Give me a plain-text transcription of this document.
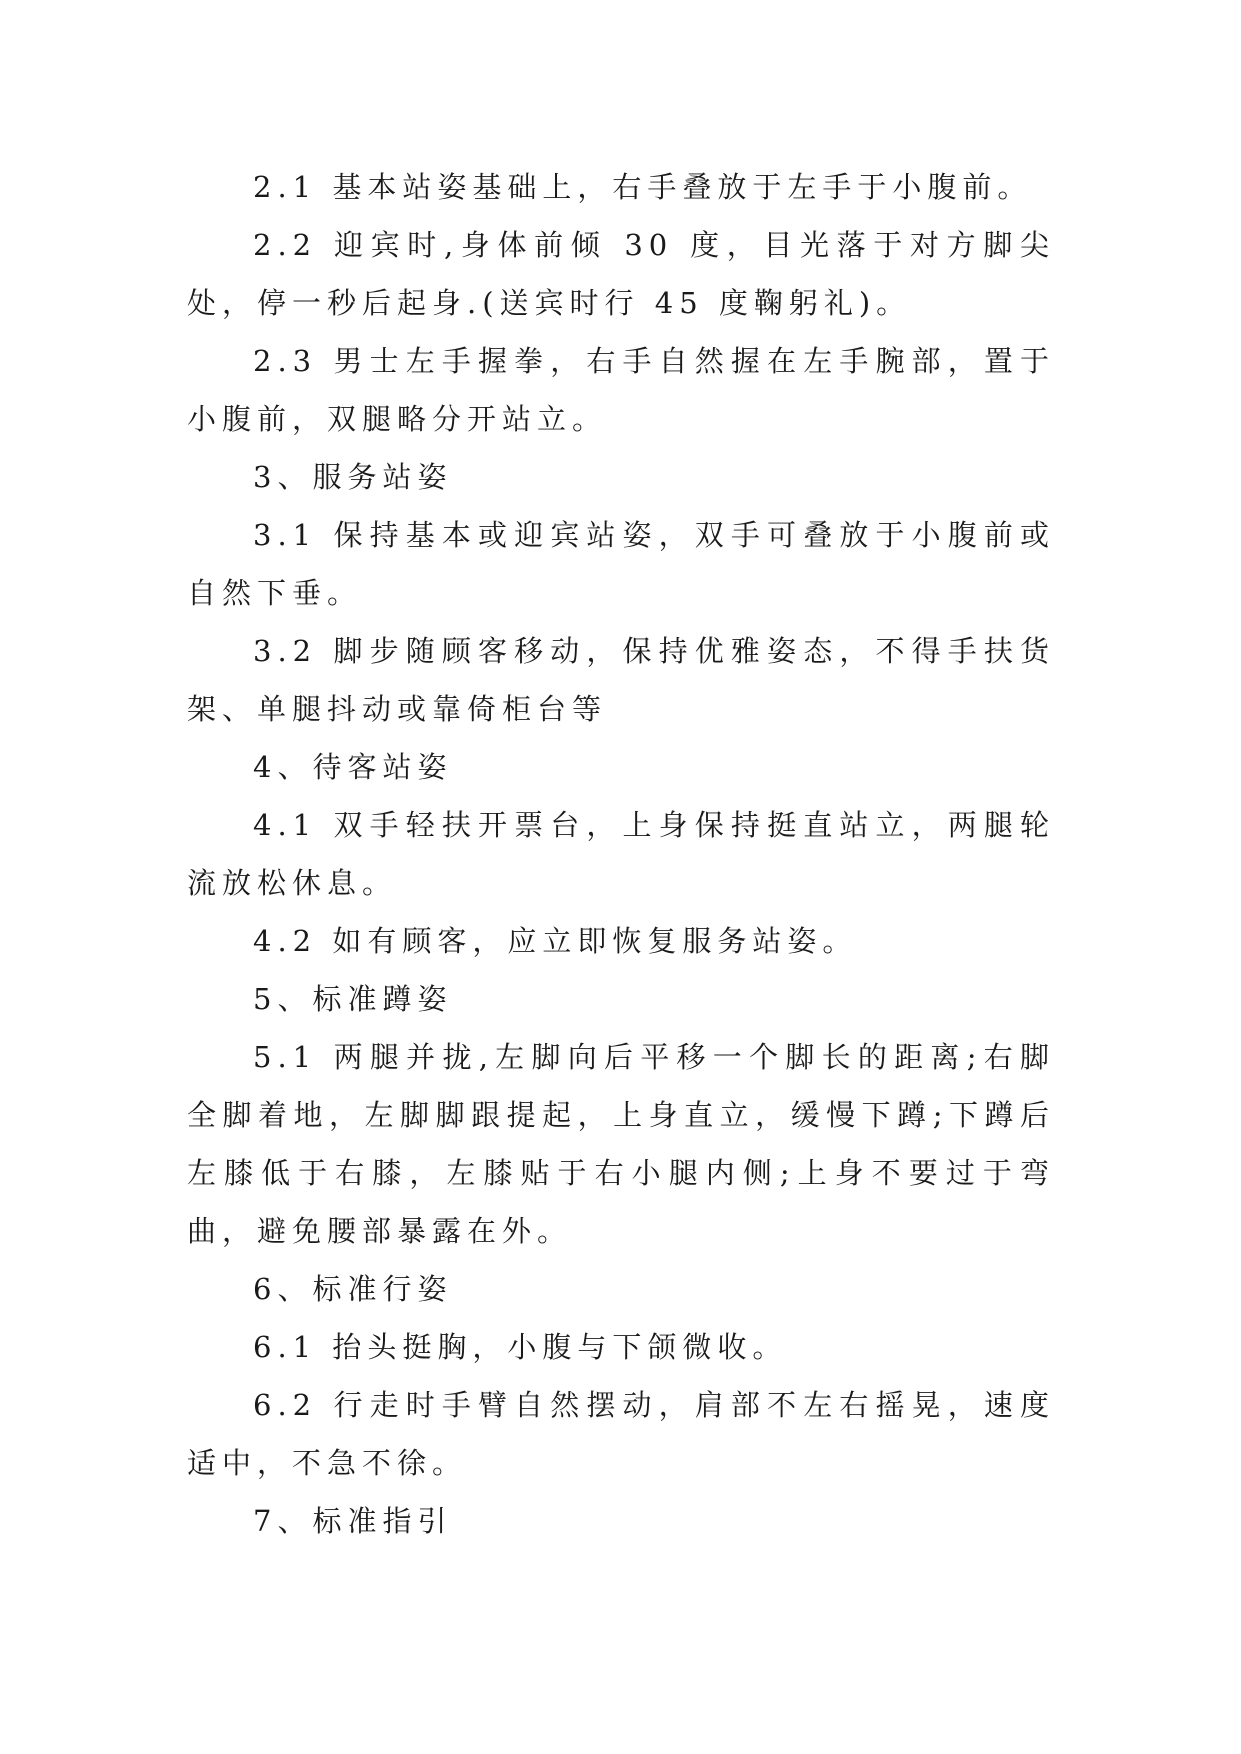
2.1 基本站姿基础上，右手叠放于左手于小腹前。

2.2 迎宾时,身体前倾 30 度，目光落于对方脚尖处，停一秒后起身.(送宾时行 45 度鞠躬礼)。

2.3 男士左手握拳，右手自然握在左手腕部，置于小腹前，双腿略分开站立。

3、服务站姿

3.1 保持基本或迎宾站姿，双手可叠放于小腹前或自然下垂。

3.2 脚步随顾客移动，保持优雅姿态，不得手扶货架、单腿抖动或靠倚柜台等

4、待客站姿

4.1 双手轻扶开票台，上身保持挺直站立，两腿轮流放松休息。

4.2 如有顾客，应立即恢复服务站姿。

5、标准蹲姿

5.1 两腿并拢,左脚向后平移一个脚长的距离;右脚全脚着地，左脚脚跟提起，上身直立，缓慢下蹲;下蹲后左膝低于右膝，左膝贴于右小腿内侧;上身不要过于弯曲，避免腰部暴露在外。

6、标准行姿

6.1 抬头挺胸，小腹与下颌微收。

6.2 行走时手臂自然摆动，肩部不左右摇晃，速度适中，不急不徐。

7、标准指引
